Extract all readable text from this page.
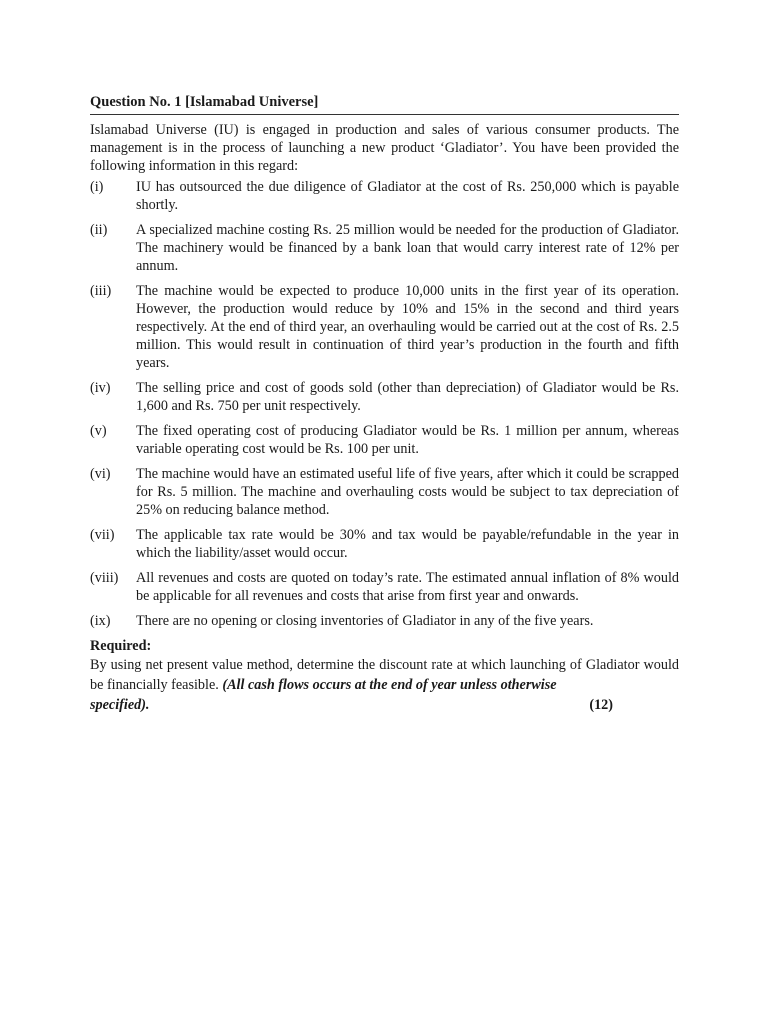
Question No. 1 [Islamabad Universe]

Islamabad Universe (IU) is engaged in production and sales of various consumer products. The management is in the process of launching a new product ‘Gladiator’. You have been provided the following information in this regard:

(i)	IU has outsourced the due diligence of Gladiator at the cost of Rs. 250,000 which is payable shortly.
(ii)	A specialized machine costing Rs. 25 million would be needed for the production of Gladiator. The machinery would be financed by a bank loan that would carry interest rate of 12% per annum.
(iii)	The machine would be expected to produce 10,000 units in the first year of its operation. However, the production would reduce by 10% and 15% in the second and third years respectively. At the end of third year, an overhauling would be carried out at the cost of Rs. 2.5 million. This would result in continuation of third year’s production in the fourth and fifth years.
(iv)	The selling price and cost of goods sold (other than depreciation) of Gladiator would be Rs. 1,600 and Rs. 750 per unit respectively.
(v)	The fixed operating cost of producing Gladiator would be Rs. 1 million per annum, whereas variable operating cost would be Rs. 100 per unit.
(vi)	The machine would have an estimated useful life of five years, after which it could be scrapped for Rs. 5 million. The machine and overhauling costs would be subject to tax depreciation of 25% on reducing balance method.
(vii)	The applicable tax rate would be 30% and tax would be payable/refundable in the year in which the liability/asset would occur.
(viii)	All revenues and costs are quoted on today’s rate. The estimated annual inflation of 8% would be applicable for all revenues and costs that arise from first year and onwards.
(ix)	There are no opening or closing inventories of Gladiator in any of the five years.
Required:
By using net present value method, determine the discount rate at which launching of Gladiator would be financially feasible. (All cash flows occurs at the end of year unless otherwise
specified).	(12)
